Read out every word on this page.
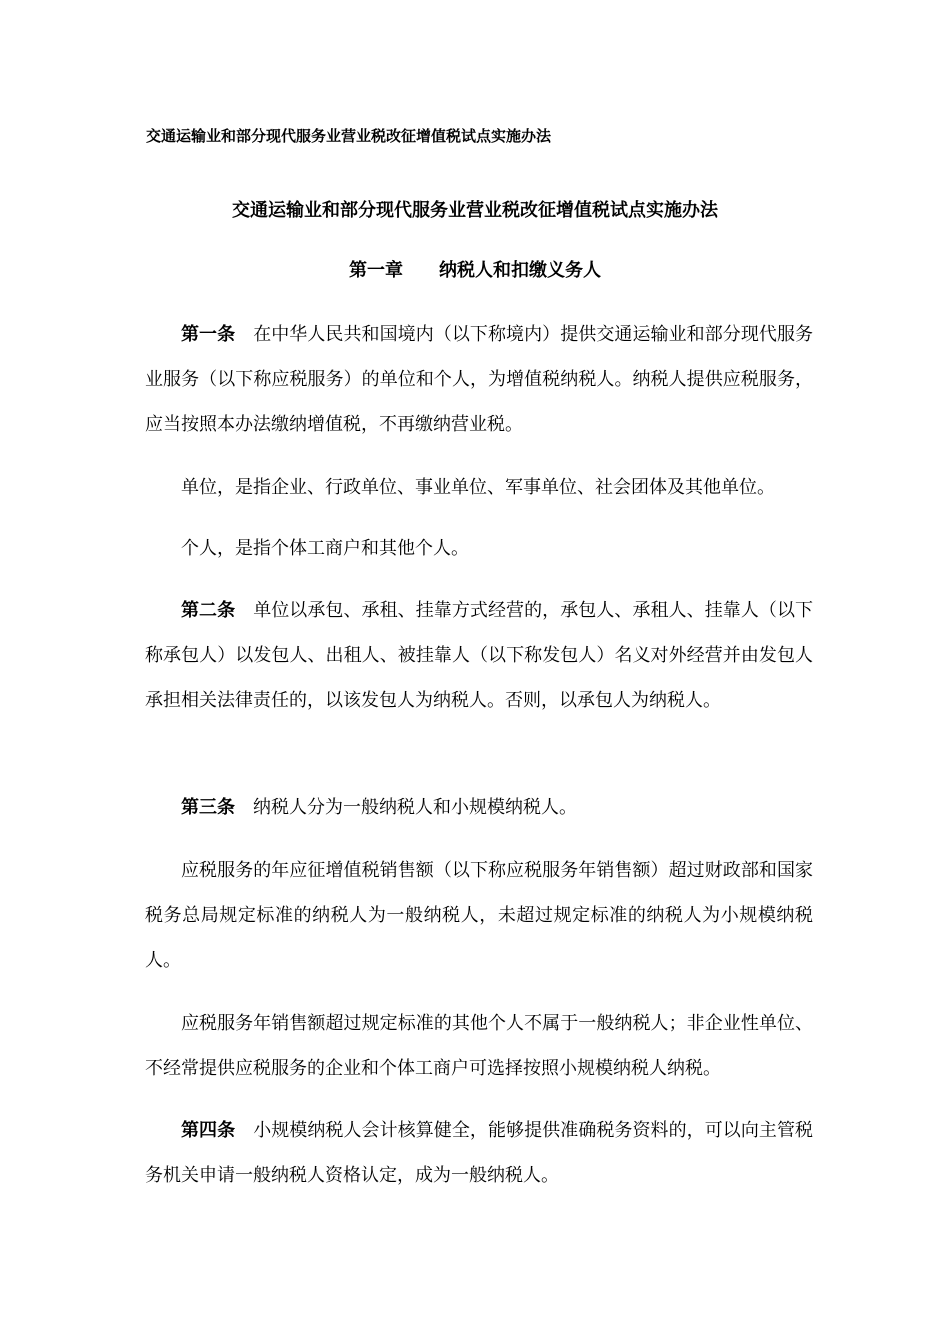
交通运输业和部分现代服务业营业税改征增值税试点实施办法
交通运输业和部分现代服务业营业税改征增值税试点实施办法
第一章 纳税人和扣缴义务人

第一条 在中华人民共和国境内（以下称境内）提供交通运输业和部分现代服务业服务（以下称应税服务）的单位和个人，为增值税纳税人。纳税人提供应税服务，应当按照本办法缴纳增值税，不再缴纳营业税。

单位，是指企业、行政单位、事业单位、军事单位、社会团体及其他单位。

个人，是指个体工商户和其他个人。

第二条 单位以承包、承租、挂靠方式经营的，承包人、承租人、挂靠人（以下称承包人）以发包人、出租人、被挂靠人（以下称发包人）名义对外经营并由发包人承担相关法律责任的，以该发包人为纳税人。否则，以承包人为纳税人。

第三条 纳税人分为一般纳税人和小规模纳税人。

应税服务的年应征增值税销售额（以下称应税服务年销售额）超过财政部和国家税务总局规定标准的纳税人为一般纳税人，未超过规定标准的纳税人为小规模纳税人。

应税服务年销售额超过规定标准的其他个人不属于一般纳税人；非企业性单位、不经常提供应税服务的企业和个体工商户可选择按照小规模纳税人纳税。

第四条 小规模纳税人会计核算健全，能够提供准确税务资料的，可以向主管税务机关申请一般纳税人资格认定，成为一般纳税人。
